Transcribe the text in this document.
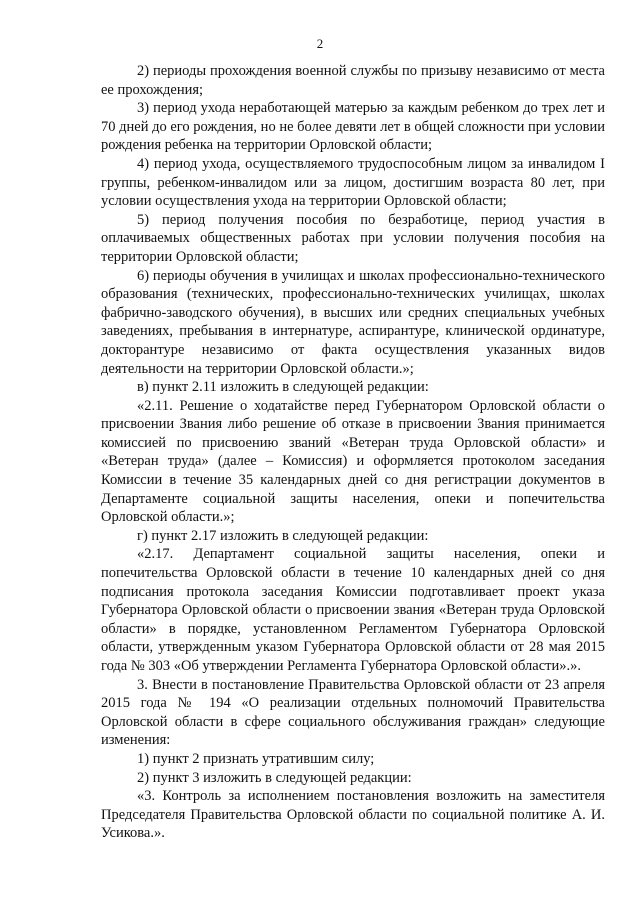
2

2) периоды прохождения военной службы по призыву независимо от места ее прохождения;

3) период ухода неработающей матерью за каждым ребенком до трех лет и 70 дней до его рождения, но не более девяти лет в общей сложности при условии рождения ребенка на территории Орловской области;

4) период ухода, осуществляемого трудоспособным лицом за инвалидом I группы, ребенком-инвалидом или за лицом, достигшим возраста 80 лет, при условии осуществления ухода на территории Орловской области;

5) период получения пособия по безработице, период участия в оплачиваемых общественных работах при условии получения пособия на территории Орловской области;

6) периоды обучения в училищах и школах профессионально-технического образования (технических, профессионально-технических училищах, школах фабрично-заводского обучения), в высших или средних специальных учебных заведениях, пребывания в интернатуре, аспирантуре, клинической ординатуре, докторантуре независимо от факта осуществления указанных видов деятельности на территории Орловской области.»;

в) пункт 2.11 изложить в следующей редакции:

«2.11. Решение о ходатайстве перед Губернатором Орловской области о присвоении Звания либо решение об отказе в присвоении Звания принимается комиссией по присвоению званий «Ветеран труда Орловской области» и «Ветеран труда» (далее – Комиссия) и оформляется протоколом заседания Комиссии в течение 35 календарных дней со дня регистрации документов в Департаменте социальной защиты населения, опеки и попечительства Орловской области.»;

г) пункт 2.17 изложить в следующей редакции:

«2.17. Департамент социальной защиты населения, опеки и попечительства Орловской области в течение 10 календарных дней со дня подписания протокола заседания Комиссии подготавливает проект указа Губернатора Орловской области о присвоении звания «Ветеран труда Орловской области» в порядке, установленном Регламентом Губернатора Орловской области, утвержденным указом Губернатора Орловской области от 28 мая 2015 года № 303 «Об утверждении Регламента Губернатора Орловской области».».

3. Внести в постановление Правительства Орловской области от 23 апреля 2015 года № 194 «О реализации отдельных полномочий Правительства Орловской области в сфере социального обслуживания граждан» следующие изменения:

1) пункт 2 признать утратившим силу;

2) пункт 3 изложить в следующей редакции:

«3. Контроль за исполнением постановления возложить на заместителя Председателя Правительства Орловской области по социальной политике А. И. Усикова.».
